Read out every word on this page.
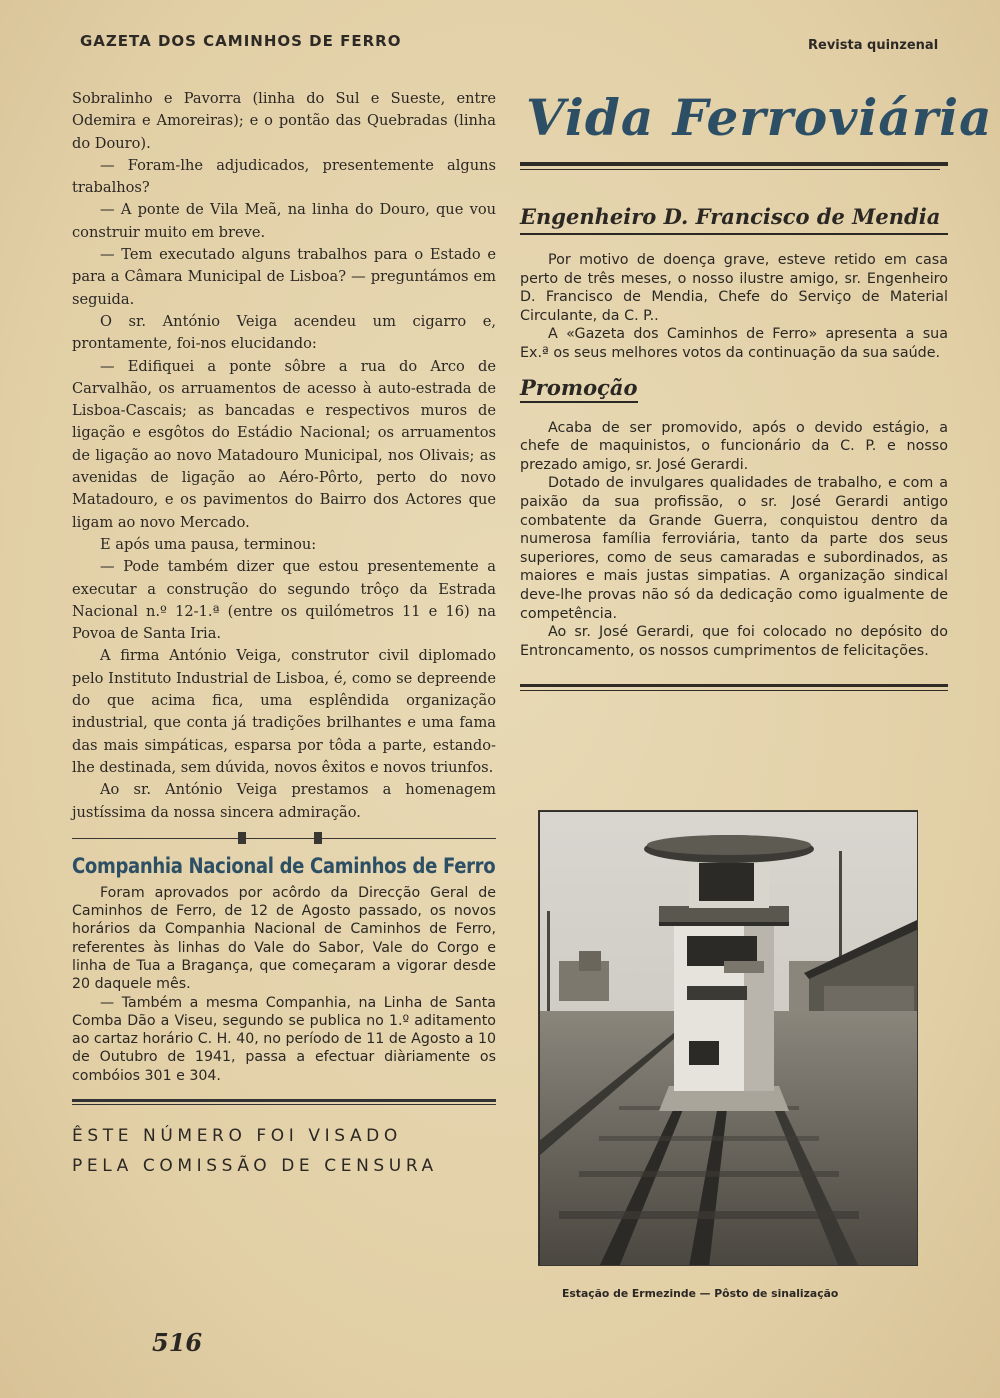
GAZETA DOS CAMINHOS DE FERRO	Revista quinzenal

Sobralinho e Pavorra (linha do Sul e Sueste, entre Odemira e Amoreiras); e o pontão das Quebradas (linha do Douro).

— Foram-lhe adjudicados, presentemente alguns trabalhos?

— A ponte de Vila Meã, na linha do Douro, que vou construir muito em breve.

— Tem executado alguns trabalhos para o Estado e para a Câmara Municipal de Lisboa? — preguntámos em seguida.

O sr. António Veiga acendeu um cigarro e, prontamente, foi-nos elucidando:

— Edifiquei a ponte sôbre a rua do Arco de Carvalhão, os arruamentos de acesso à auto-estrada de Lisboa-Cascais; as bancadas e respectivos muros de ligação e esgôtos do Estádio Nacional; os arruamentos de ligação ao novo Matadouro Municipal, nos Olivais; as avenidas de ligação ao Aéro-Pôrto, perto do novo Matadouro, e os pavimentos do Bairro dos Actores que ligam ao novo Mercado.

E após uma pausa, terminou:

— Pode também dizer que estou presentemente a executar a construção do segundo trôço da Estrada Nacional n.º 12-1.ª (entre os quilómetros 11 e 16) na Povoa de Santa Iria.

A firma António Veiga, construtor civil diplomado pelo Instituto Industrial de Lisboa, é, como se depreende do que acima fica, uma esplêndida organização industrial, que conta já tradições brilhantes e uma fama das mais simpáticas, esparsa por tôda a parte, estando-lhe destinada, sem dúvida, novos êxitos e novos triunfos.

Ao sr. António Veiga prestamos a homenagem justíssima da nossa sincera admiração.

Companhia Nacional de Caminhos de Ferro

Foram aprovados por acôrdo da Direcção Geral de Caminhos de Ferro, de 12 de Agosto passado, os novos horários da Companhia Nacional de Caminhos de Ferro, referentes às linhas do Vale do Sabor, Vale do Corgo e linha de Tua a Bragança, que começaram a vigorar desde 20 daquele mês.

— Também a mesma Companhia, na Linha de Santa Comba Dão a Viseu, segundo se publica no 1.º aditamento ao cartaz horário C. H. 40, no período de 11 de Agosto a 10 de Outubro de 1941, passa a efectuar diàriamente os combóios 301 e 304.

ÊSTE NÚMERO FOI VISADO
PELA COMISSÃO DE CENSURA
516
Vida Ferroviária
Engenheiro D. Francisco de Mendia

Por motivo de doença grave, esteve retido em casa perto de três meses, o nosso ilustre amigo, sr. Engenheiro D. Francisco de Mendia, Chefe do Serviço de Material Circulante, da C. P..

A «Gazeta dos Caminhos de Ferro» apresenta a sua Ex.ª os seus melhores votos da continuação da sua saúde.

Promoção

Acaba de ser promovido, após o devido estágio, a chefe de maquinistos, o funcionário da C. P. e nosso prezado amigo, sr. José Gerardi.

Dotado de invulgares qualidades de trabalho, e com a paixão da sua profissão, o sr. José Gerardi antigo combatente da Grande Guerra, conquistou dentro da numerosa família ferroviária, tanto da parte dos seus superiores, como de seus camaradas e subordinados, as maiores e mais justas simpatias. A organização sindical deve-lhe provas não só da dedicação como igualmente de competência.

Ao sr. José Gerardi, que foi colocado no depósito do Entroncamento, os nossos cumprimentos de felicitações.

Estação de Ermezinde — Pôsto de sinalização
